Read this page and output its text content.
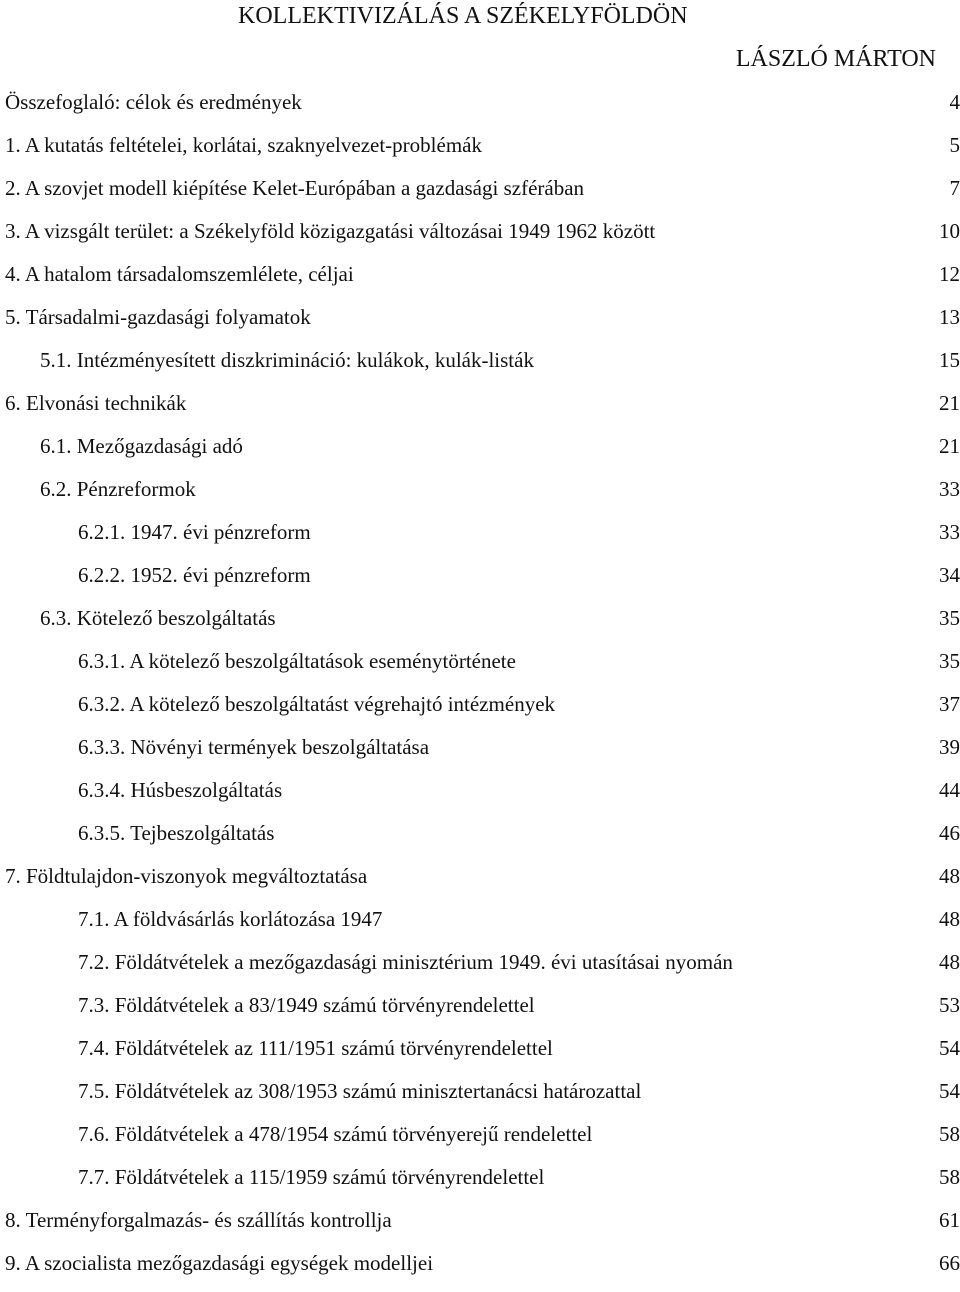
KOLLEKTIVIZÁLÁS A SZÉKELYFÖLDÖN
LÁSZLÓ MÁRTON
Összefoglaló: célok és eredmények	4
1. A kutatás feltételei, korlátai, szaknyelvezet-problémák	5
2. A szovjet modell kiépítése Kelet-Európában a gazdasági szférában	7
3. A vizsgált terület: a Székelyföld közigazgatási változásai 1949 1962 között	10
4. A hatalom társadalomszemlélete, céljai	12
5. Társadalmi-gazdasági folyamatok	13
5.1. Intézményesített diszkrimináció: kulákok, kulák-listák	15
6. Elvonási technikák	21
6.1. Mezőgazdasági adó	21
6.2. Pénzreformok	33
6.2.1. 1947. évi pénzreform	33
6.2.2. 1952. évi pénzreform	34
6.3. Kötelező beszolgáltatás	35
6.3.1. A kötelező beszolgáltatások eseménytörténete	35
6.3.2. A kötelező beszolgáltatást végrehajtó intézmények	37
6.3.3. Növényi termények beszolgáltatása	39
6.3.4. Húsbeszolgáltatás	44
6.3.5. Tejbeszolgáltatás	46
7. Földtulajdon-viszonyok megváltoztatása	48
7.1. A földvásárlás korlátozása 1947	48
7.2. Földátvételek a mezőgazdasági minisztérium 1949. évi utasításai nyomán	48
7.3. Földátvételek a 83/1949 számú törvényrendelettel	53
7.4. Földátvételek az 111/1951 számú törvényrendelettel	54
7.5. Földátvételek az 308/1953 számú minisztertanácsi határozattal	54
7.6. Földátvételek a 478/1954 számú törvényerejű rendelettel	58
7.7. Földátvételek a 115/1959 számú törvényrendelettel	58
8. Terményforgalmazás- és szállítás kontrollja	61
9. A szocialista mezőgazdasági egységek modelljei	66
